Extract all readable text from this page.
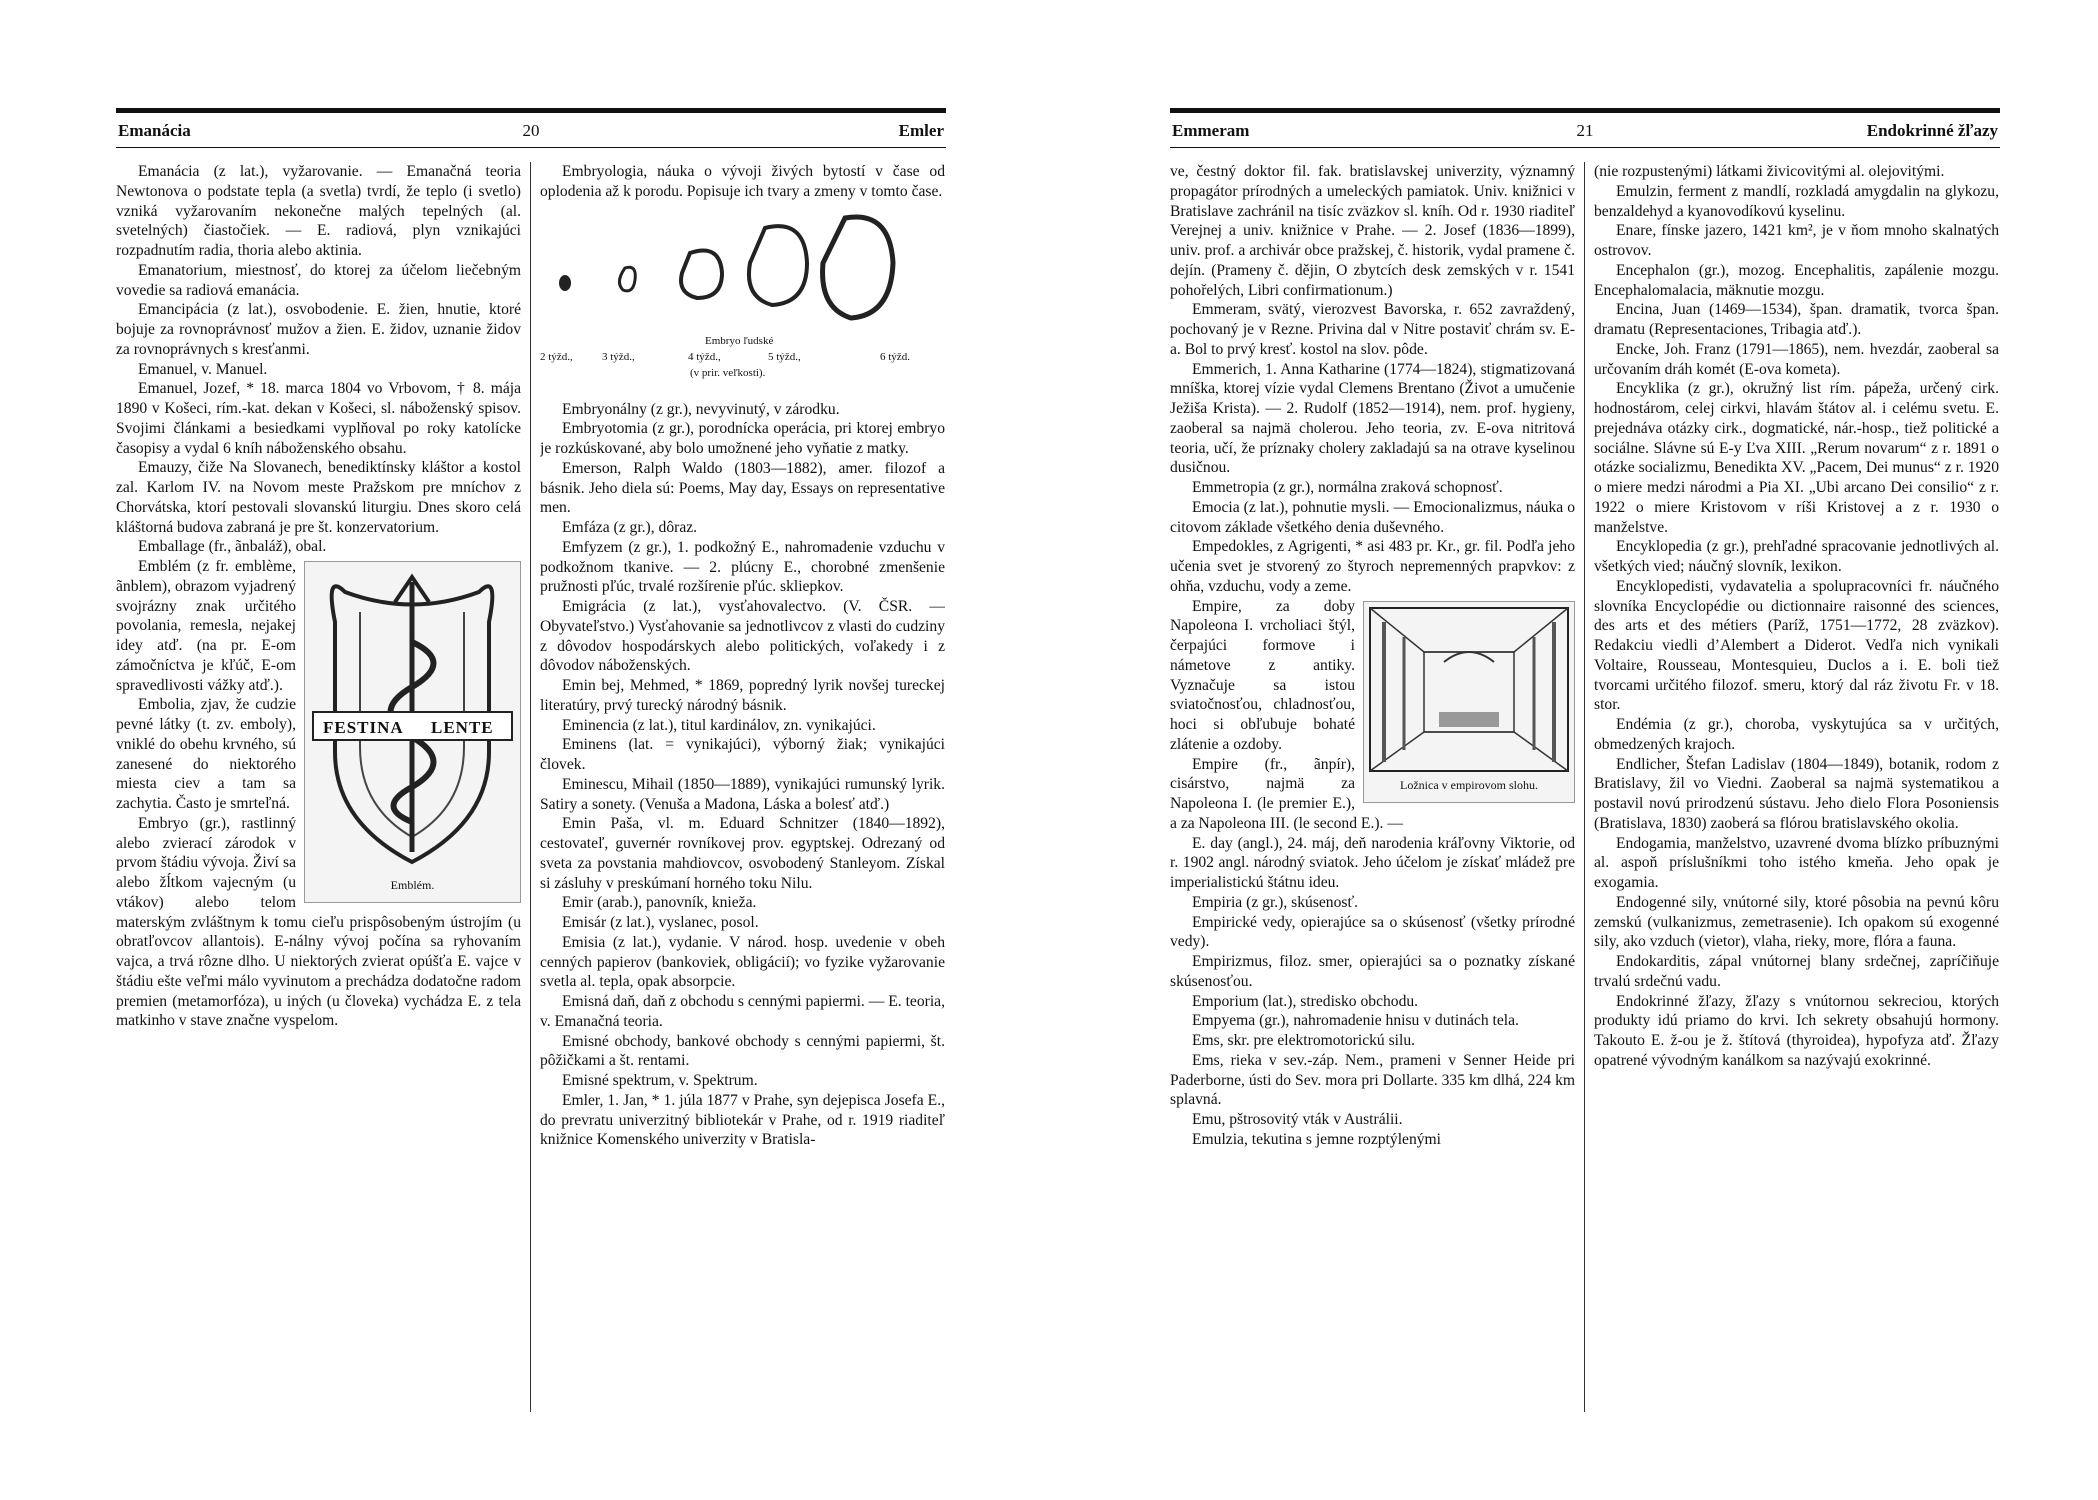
Emanácia	20	Emler

Emanácia (z lat.), vyžarovanie. — Emanačná teoria Newtonova o podstate tepla (a svetla) tvrdí, že teplo (i svetlo) vzniká vyžarovaním nekonečne malých tepelných (al. svetelných) čiastočiek. — E. radiová, plyn vznikajúci rozpadnutím radia, thoria alebo aktinia.

Emanatorium, miestnosť, do ktorej za účelom liečebným vovedie sa radiová emanácia.

Emancipácia (z lat.), osvobodenie. E. žien, hnutie, ktoré bojuje za rovnoprávnosť mužov a žien. E. židov, uznanie židov za rovnoprávnych s kresťanmi.

Emanuel, v. Manuel.

Emanuel, Jozef, * 18. marca 1804 vo Vrbovom, † 8. mája 1890 v Košeci, rím.-kat. dekan v Košeci, sl. náboženský spisov. Svojimi článkami a besiedkami vyplňoval po roky katolícke časopisy a vydal 6 kníh náboženského obsahu.

Emauzy, čiže Na Slovanech, benediktínsky kláštor a kostol zal. Karlom IV. na Novom meste Pražskom pre mníchov z Chorvátska, ktorí pestovali slovanskú liturgiu. Dnes skoro celá kláštorná budova zabraná je pre št. konzervatorium.

Emballage (fr., ãnbaláž), obal.

FESTINA LENTE
Emblém.

Emblém (z fr. emblème, ãnblem), obrazom vyjadrený svojrázny znak určitého povolania, remesla, nejakej idey atď. (na pr. E-om zámočníctva je kľúč, E-om spravedlivosti vážky atď.).

Embolia, zjav, že cudzie pevné látky (t. zv. emboly), vniklé do obehu krvného, sú zanesené do niektorého miesta ciev a tam sa zachytia. Často je smrteľná.

Embryo (gr.), rastlinný alebo zvierací zárodok v prvom štádiu vývoja. Živí sa alebo žĺtkom vajecným (u vtákov) alebo telom materským zvláštnym k tomu cieľu prispôsobeným ústrojím (u obratľovcov allantois). E-nálny vývoj počína sa ryhovaním vajca, a trvá rôzne dlho. U niektorých zvierat opúšťa E. vajce v štádiu ešte veľmi málo vyvinutom a prechádza dodatočne radom premien (metamorfóza), u iných (u človeka) vychádza E. z tela matkinho v stave značne vyspelom.

Embryologia, náuka o vývoji živých bytostí v čase od oplodenia až k porodu. Popisuje ich tvary a zmeny v tomto čase.

Embryo ľudské
2 týžd.,	3 týžd.,	4 týžd.,	5 týžd.,	6 týžd.
(v prir. veľkosti).

Embryonálny (z gr.), nevyvinutý, v zárodku.

Embryotomia (z gr.), porodnícka operácia, pri ktorej embryo je rozkúskované, aby bolo umožnené jeho vyňatie z matky.

Emerson, Ralph Waldo (1803—1882), amer. filozof a básnik. Jeho diela sú: Poems, May day, Essays on representative men.

Emfáza (z gr.), dôraz.

Emfyzem (z gr.), 1. podkožný E., nahromadenie vzduchu v podkožnom tkanive. — 2. plúcny E., chorobné zmenšenie pružnosti pľúc, trvalé rozšírenie pľúc. skliepkov.

Emigrácia (z lat.), vysťahovalectvo. (V. ČSR. — Obyvateľstvo.) Vysťahovanie sa jednotlivcov z vlasti do cudziny z dôvodov hospodárskych alebo politických, voľakedy i z dôvodov náboženských.

Emin bej, Mehmed, * 1869, popredný lyrik novšej tureckej literatúry, prvý turecký národný básnik.

Eminencia (z lat.), titul kardinálov, zn. vynikajúci.

Eminens (lat. = vynikajúci), výborný žiak; vynikajúci človek.

Eminescu, Mihail (1850—1889), vynikajúci rumunský lyrik. Satiry a sonety. (Venuša a Madona, Láska a bolesť atď.)

Emin Paša, vl. m. Eduard Schnitzer (1840—1892), cestovateľ, guvernér rovníkovej prov. egyptskej. Odrezaný od sveta za povstania mahdiovcov, osvobodený Stanleyom. Získal si zásluhy v preskúmaní horného toku Nilu.

Emir (arab.), panovník, knieža.

Emisár (z lat.), vyslanec, posol.

Emisia (z lat.), vydanie. V národ. hosp. uvedenie v obeh cenných papierov (bankoviek, obligácií); vo fyzike vyžarovanie svetla al. tepla, opak absorpcie.

Emisná daň, daň z obchodu s cennými papiermi. — E. teoria, v. Emanačná teoria.

Emisné obchody, bankové obchody s cennými papiermi, št. pôžičkami a št. rentami.

Emisné spektrum, v. Spektrum.

Emler, 1. Jan, * 1. júla 1877 v Prahe, syn dejepisca Josefa E., do prevratu univerzitný bibliotekár v Prahe, od r. 1919 riaditeľ knižnice Komenského univerzity v Bratisla-

Emmeram	21	Endokrinné žľazy

ve, čestný doktor fil. fak. bratislavskej univerzity, významný propagátor prírodných a umeleckých pamiatok. Univ. knižnici v Bratislave zachránil na tisíc zväzkov sl. kníh. Od r. 1930 riaditeľ Verejnej a univ. knižnice v Prahe. — 2. Josef (1836—1899), univ. prof. a archivár obce pražskej, č. historik, vydal pramene č. dejín. (Prameny č. dějin, O zbytcích desk zemských v r. 1541 pohořelých, Libri confirmationum.)

Emmeram, svätý, vierozvest Bavorska, r. 652 zavraždený, pochovaný je v Rezne. Privina dal v Nitre postaviť chrám sv. E-a. Bol to prvý kresť. kostol na slov. pôde.

Emmerich, 1. Anna Katharine (1774—1824), stigmatizovaná mníška, ktorej vízie vydal Clemens Brentano (Život a umučenie Ježiša Krista). — 2. Rudolf (1852—1914), nem. prof. hygieny, zaoberal sa najmä cholerou. Jeho teoria, zv. E-ova nitritová teoria, učí, že príznaky cholery zakladajú sa na otrave kyselinou dusičnou.

Emmetropia (z gr.), normálna zraková schopnosť.

Emocia (z lat.), pohnutie mysli. — Emocionalizmus, náuka o citovom základe všetkého denia duševného.

Empedokles, z Agrigenti, * asi 483 pr. Kr., gr. fil. Podľa jeho učenia svet je stvorený zo štyroch nepremenných prapvkov: z ohňa, vzduchu, vody a zeme.

Ložnica v empirovom slohu.

Empire, za doby Napoleona I. vrcholiaci štýl, čerpajúci formove i námetove z antiky. Vyznačuje sa istou sviatočnosťou, chladnosťou, hoci si obľubuje bohaté zlátenie a ozdoby.

Empire (fr., ãnpír), cisárstvo, najmä za Napoleona I. (le premier E.), a za Napoleona III. (le second E.). —

E. day (angl.), 24. máj, deň narodenia kráľovny Viktorie, od r. 1902 angl. národný sviatok. Jeho účelom je získať mládež pre imperialistickú štátnu ideu.

Empiria (z gr.), skúsenosť.

Empirické vedy, opierajúce sa o skúsenosť (všetky prírodné vedy).

Empirizmus, filoz. smer, opierajúci sa o poznatky získané skúsenosťou.

Emporium (lat.), stredisko obchodu.

Empyema (gr.), nahromadenie hnisu v dutinách tela.

Ems, skr. pre elektromotorickú silu.

Ems, rieka v sev.-záp. Nem., prameni v Senner Heide pri Paderborne, ústi do Sev. mora pri Dollarte. 335 km dlhá, 224 km splavná.

Emu, pštrosovitý vták v Austrálii.

Emulzia, tekutina s jemne rozptýlenými

(nie rozpustenými) látkami živicovitými al. olejovitými.

Emulzin, ferment z mandlí, rozkladá amygdalin na glykozu, benzaldehyd a kyanovodíkovú kyselinu.

Enare, fínske jazero, 1421 km², je v ňom mnoho skalnatých ostrovov.

Encephalon (gr.), mozog. Encephalitis, zapálenie mozgu. Encephalomalacia, mäknutie mozgu.

Encina, Juan (1469—1534), špan. dramatik, tvorca špan. dramatu (Representaciones, Tribagia atď.).

Encke, Joh. Franz (1791—1865), nem. hvezdár, zaoberal sa určovaním dráh komét (E-ova kometa).

Encyklika (z gr.), okružný list rím. pápeža, určený cirk. hodnostárom, celej cirkvi, hlavám štátov al. i celému svetu. E. prejednáva otázky cirk., dogmatické, nár.-hosp., tiež politické a sociálne. Slávne sú E-y Ľva XIII. „Rerum novarum“ z r. 1891 o otázke socializmu, Benedikta XV. „Pacem, Dei munus“ z r. 1920 o miere medzi národmi a Pia XI. „Ubi arcano Dei consilio“ z r. 1922 o miere Kristovom v ríši Kristovej a z r. 1930 o manželstve.

Encyklopedia (z gr.), prehľadné spracovanie jednotlivých al. všetkých vied; náučný slovník, lexikon.

Encyklopedisti, vydavatelia a spolupracovníci fr. náučného slovníka Encyclopédie ou dictionnaire raisonné des sciences, des arts et des métiers (Paríž, 1751—1772, 28 zväzkov). Redakciu viedli d’Alembert a Diderot. Vedľa nich vynikali Voltaire, Rousseau, Montesquieu, Duclos a i. E. boli tiež tvorcami určitého filozof. smeru, ktorý dal ráz životu Fr. v 18. stor.

Endémia (z gr.), choroba, vyskytujúca sa v určitých, obmedzených krajoch.

Endlicher, Štefan Ladislav (1804—1849), botanik, rodom z Bratislavy, žil vo Viedni. Zaoberal sa najmä systematikou a postavil novú prirodzenú sústavu. Jeho dielo Flora Posoniensis (Bratislava, 1830) zaoberá sa flórou bratislavského okolia.

Endogamia, manželstvo, uzavrené dvoma blízko príbuznými al. aspoň príslušníkmi toho istého kmeňa. Jeho opak je exogamia.

Endogenné sily, vnútorné sily, ktoré pôsobia na pevnú kôru zemskú (vulkanizmus, zemetrasenie). Ich opakom sú exogenné sily, ako vzduch (vietor), vlaha, rieky, more, flóra a fauna.

Endokarditis, zápal vnútornej blany srdečnej, zapríčiňuje trvalú srdečnú vadu.

Endokrinné žľazy, žľazy s vnútornou sekreciou, ktorých produkty idú priamo do krvi. Ich sekrety obsahujú hormony. Takouto E. ž-ou je ž. štítová (thyroidea), hypofyza atď. Žľazy opatrené vývodným kanálkom sa nazývajú exokrinné.
